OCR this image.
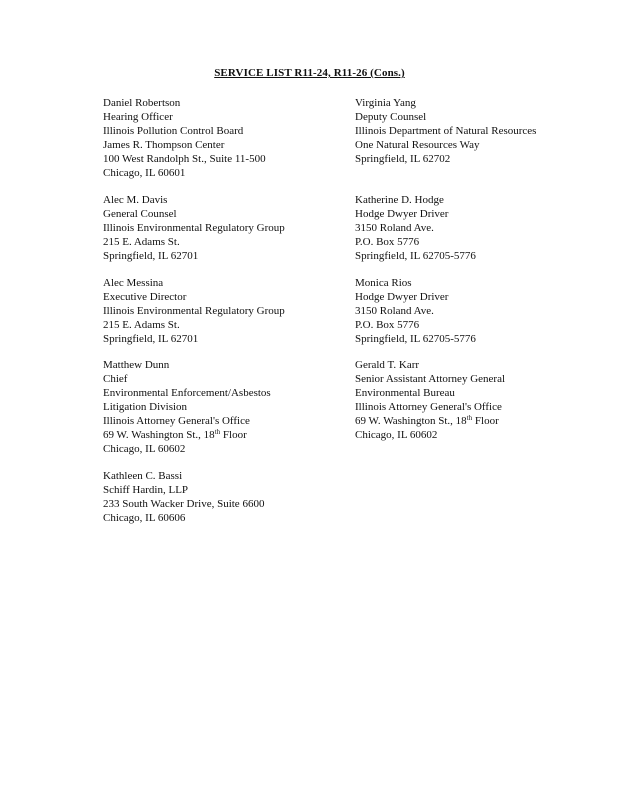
SERVICE LIST R11-24, R11-26 (Cons.)
Daniel Robertson
Hearing Officer
Illinois Pollution Control Board
James R. Thompson Center
100 West Randolph St., Suite 11-500
Chicago, IL 60601
Alec M. Davis
General Counsel
Illinois Environmental Regulatory Group
215 E. Adams St.
Springfield, IL 62701
Alec Messina
Executive Director
Illinois Environmental Regulatory Group
215 E. Adams St.
Springfield, IL 62701
Matthew Dunn
Chief
Environmental Enforcement/Asbestos
Litigation Division
Illinois Attorney General's Office
69 W. Washington St., 18th Floor
Chicago, IL 60602
Kathleen C. Bassi
Schiff Hardin, LLP
233 South Wacker Drive, Suite 6600
Chicago, IL 60606
Virginia Yang
Deputy Counsel
Illinois Department of Natural Resources
One Natural Resources Way
Springfield, IL 62702
Katherine D. Hodge
Hodge Dwyer Driver
3150 Roland Ave.
P.O. Box 5776
Springfield, IL 62705-5776
Monica Rios
Hodge Dwyer Driver
3150 Roland Ave.
P.O. Box 5776
Springfield, IL 62705-5776
Gerald T. Karr
Senior Assistant Attorney General
Environmental Bureau
Illinois Attorney General's Office
69 W. Washington St., 18th Floor
Chicago, IL 60602
